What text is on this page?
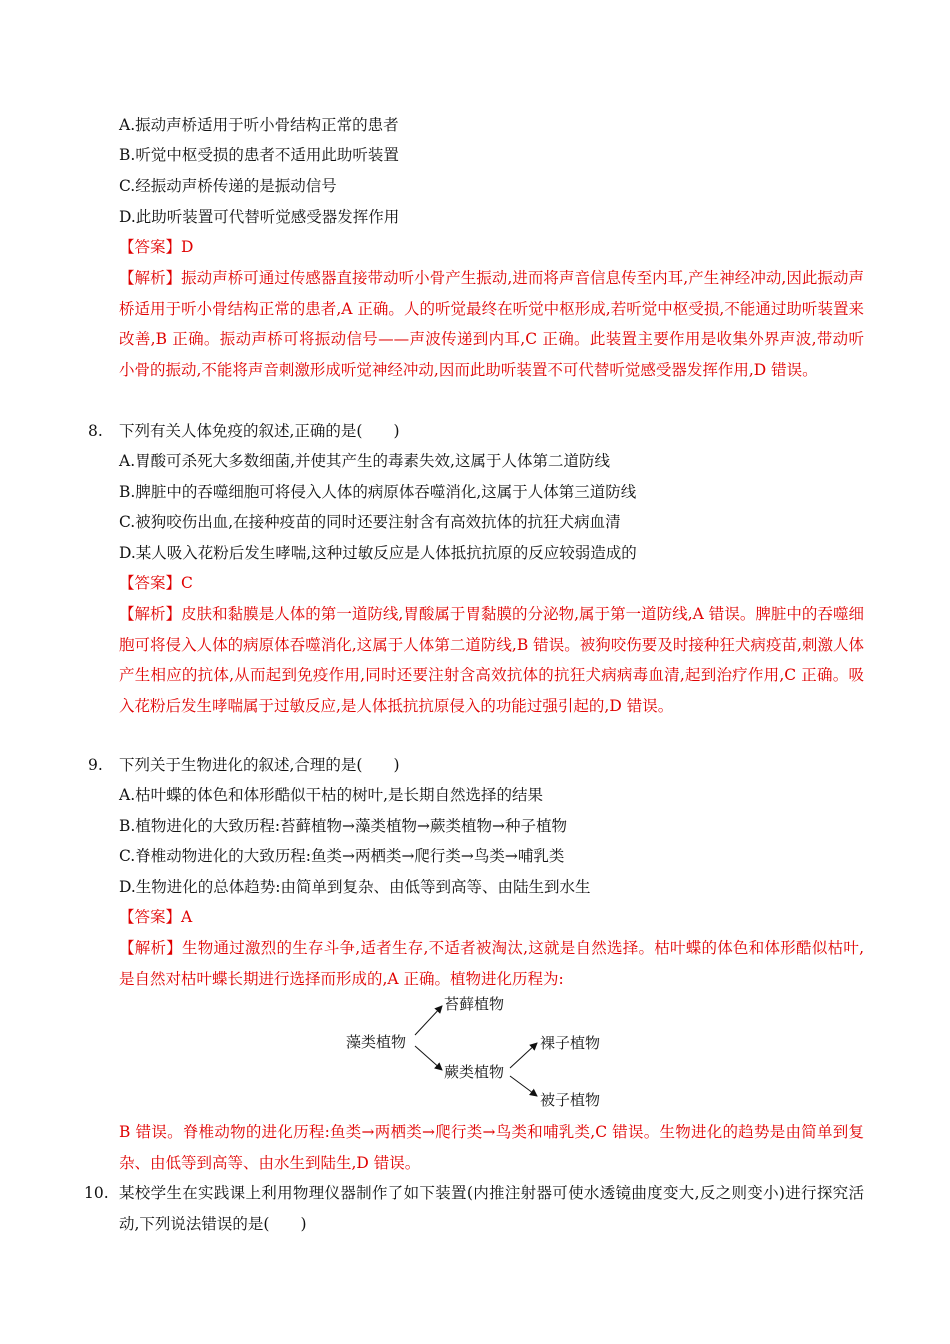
A.振动声桥适用于听小骨结构正常的患者
B.听觉中枢受损的患者不适用此助听装置
C.经振动声桥传递的是振动信号
D.此助听装置可代替听觉感受器发挥作用
【答案】D
【解析】振动声桥可通过传感器直接带动听小骨产生振动,进而将声音信息传至内耳,产生神经冲动,因此振动声桥适用于听小骨结构正常的患者,A 正确。人的听觉最终在听觉中枢形成,若听觉中枢受损,不能通过助听装置来改善,B 正确。振动声桥可将振动信号——声波传递到内耳,C 正确。此装置主要作用是收集外界声波,带动听小骨的振动,不能将声音刺激形成听觉神经冲动,因而此助听装置不可代替听觉感受器发挥作用,D 错误。
8. 下列有关人体免疫的叙述,正确的是(　　)
A.胃酸可杀死大多数细菌,并使其产生的毒素失效,这属于人体第二道防线
B.脾脏中的吞噬细胞可将侵入人体的病原体吞噬消化,这属于人体第三道防线
C.被狗咬伤出血,在接种疫苗的同时还要注射含有高效抗体的抗狂犬病血清
D.某人吸入花粉后发生哮喘,这种过敏反应是人体抵抗抗原的反应较弱造成的
【答案】C
【解析】皮肤和黏膜是人体的第一道防线,胃酸属于胃黏膜的分泌物,属于第一道防线,A 错误。脾脏中的吞噬细胞可将侵入人体的病原体吞噬消化,这属于人体第二道防线,B 错误。被狗咬伤要及时接种狂犬病疫苗,刺激人体产生相应的抗体,从而起到免疫作用,同时还要注射含高效抗体的抗狂犬病病毒血清,起到治疗作用,C 正确。吸入花粉后发生哮喘属于过敏反应,是人体抵抗抗原侵入的功能过强引起的,D 错误。
9. 下列关于生物进化的叙述,合理的是(　　)
A.枯叶蝶的体色和体形酷似干枯的树叶,是长期自然选择的结果
B.植物进化的大致历程:苔藓植物→藻类植物→蕨类植物→种子植物
C.脊椎动物进化的大致历程:鱼类→两栖类→爬行类→鸟类→哺乳类
D.生物进化的总体趋势:由简单到复杂、由低等到高等、由陆生到水生
【答案】A
【解析】生物通过激烈的生存斗争,适者生存,不适者被淘汰,这就是自然选择。枯叶蝶的体色和体形酷似枯叶,是自然对枯叶蝶长期进行选择而形成的,A 正确。植物进化历程为:
藻类植物
苔藓植物
蕨类植物
裸子植物
被子植物
B 错误。脊椎动物的进化历程:鱼类→两栖类→爬行类→鸟类和哺乳类,C 错误。生物进化的趋势是由简单到复杂、由低等到高等、由水生到陆生,D 错误。
10. 某校学生在实践课上利用物理仪器制作了如下装置(内推注射器可使水透镜曲度变大,反之则变小)进行探究活动,下列说法错误的是(　　)
